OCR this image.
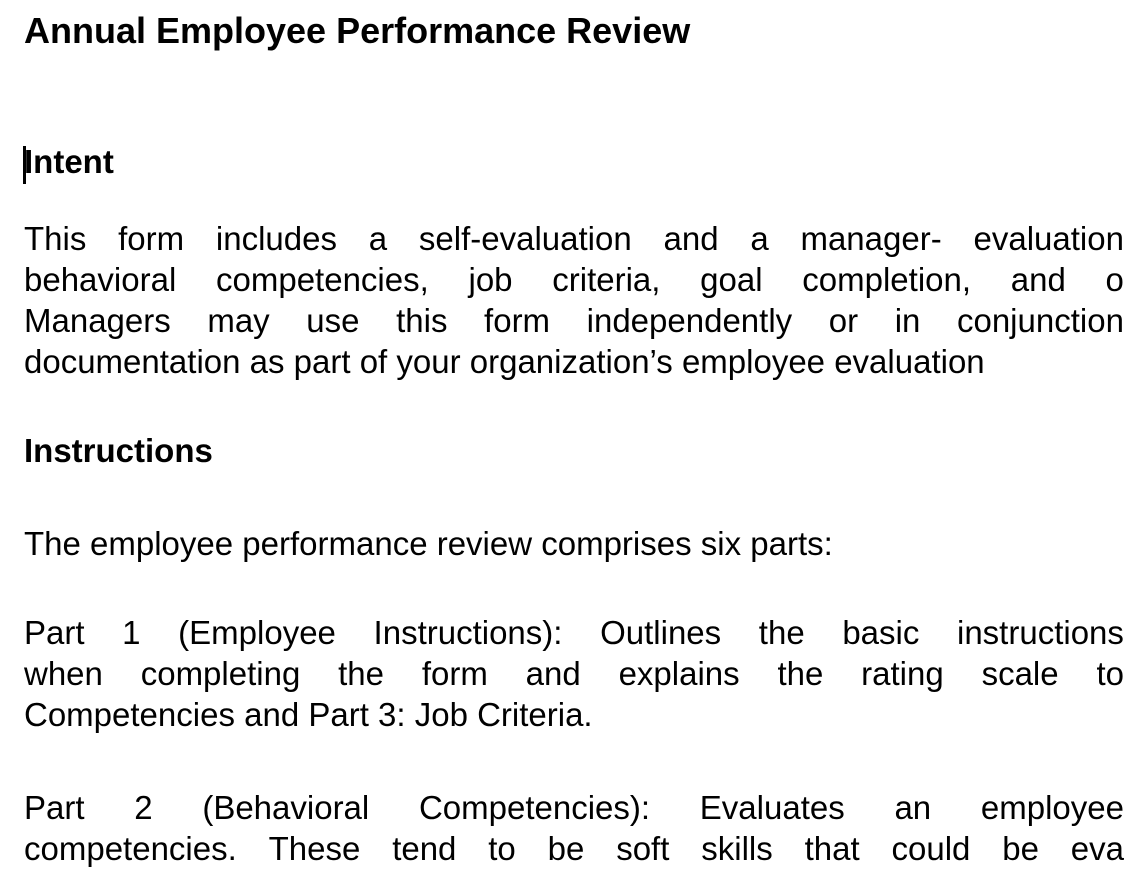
Annual Employee Performance Review
Intent
This form includes a self-evaluation and a manager- evaluation
behavioral competencies, job criteria, goal completion, and o
Managers may use this form independently or in conjunction
documentation as part of your organization’s employee evaluation
Instructions
The employee performance review comprises six parts:
Part 1 (Employee Instructions): Outlines the basic instructions
when completing the form and explains the rating scale to
Competencies and Part 3: Job Criteria.
Part 2 (Behavioral Competencies): Evaluates an employee
competencies. These tend to be soft skills that could be eva
